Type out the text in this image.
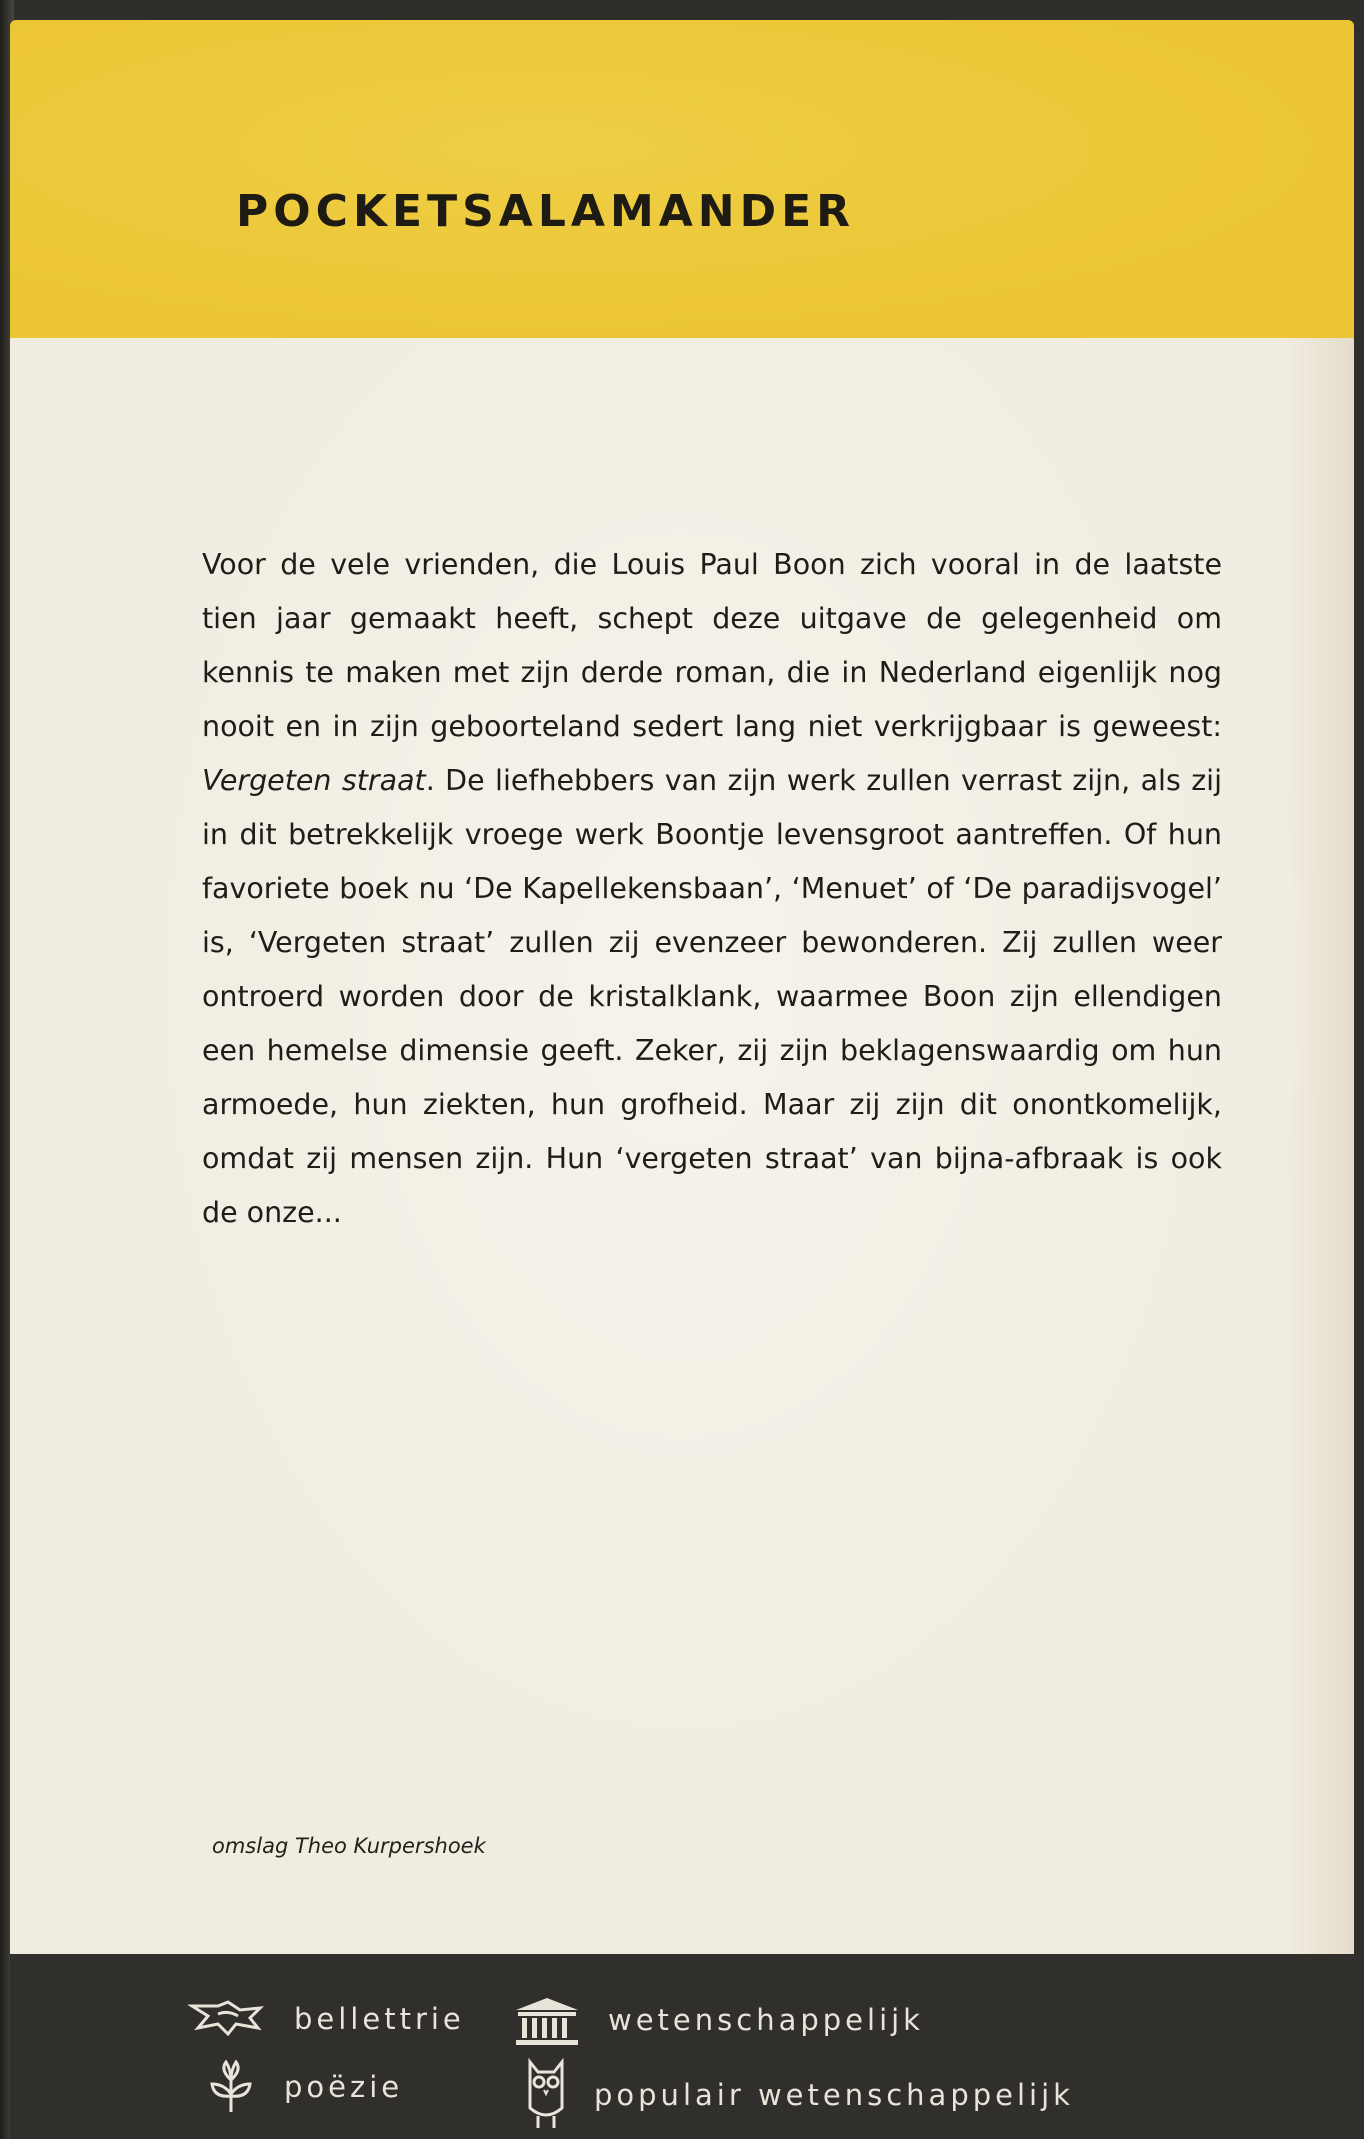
POCKETSALAMANDER

Voor de vele vrienden, die Louis Paul Boon zich vooral in de laatste tien jaar gemaakt heeft, schept deze uitgave de gelegenheid om kennis te maken met zijn derde roman, die in Nederland eigenlijk nog nooit en in zijn geboorteland sedert lang niet verkrijgbaar is geweest: Vergeten straat. De liefhebbers van zijn werk zullen verrast zijn, als zij in dit betrekkelijk vroege werk Boontje levensgroot aantreffen. Of hun favoriete boek nu ‘De Kapellekensbaan’, ‘Menuet’ of ‘De paradijsvogel’ is, ‘Vergeten straat’ zullen zij evenzeer bewonderen. Zij zullen weer ontroerd worden door de kristalklank, waarmee Boon zijn ellendigen een hemelse dimensie geeft. Zeker, zij zijn beklagenswaardig om hun armoede, hun ziekten, hun grofheid. Maar zij zijn dit onontkomelijk, omdat zij mensen zijn. Hun ‘vergeten straat’ van bijna-afbraak is ook de onze...

omslag Theo Kurpershoek
bellettrie	wetenschappelijk
poëzie	populair wetenschappelijk
